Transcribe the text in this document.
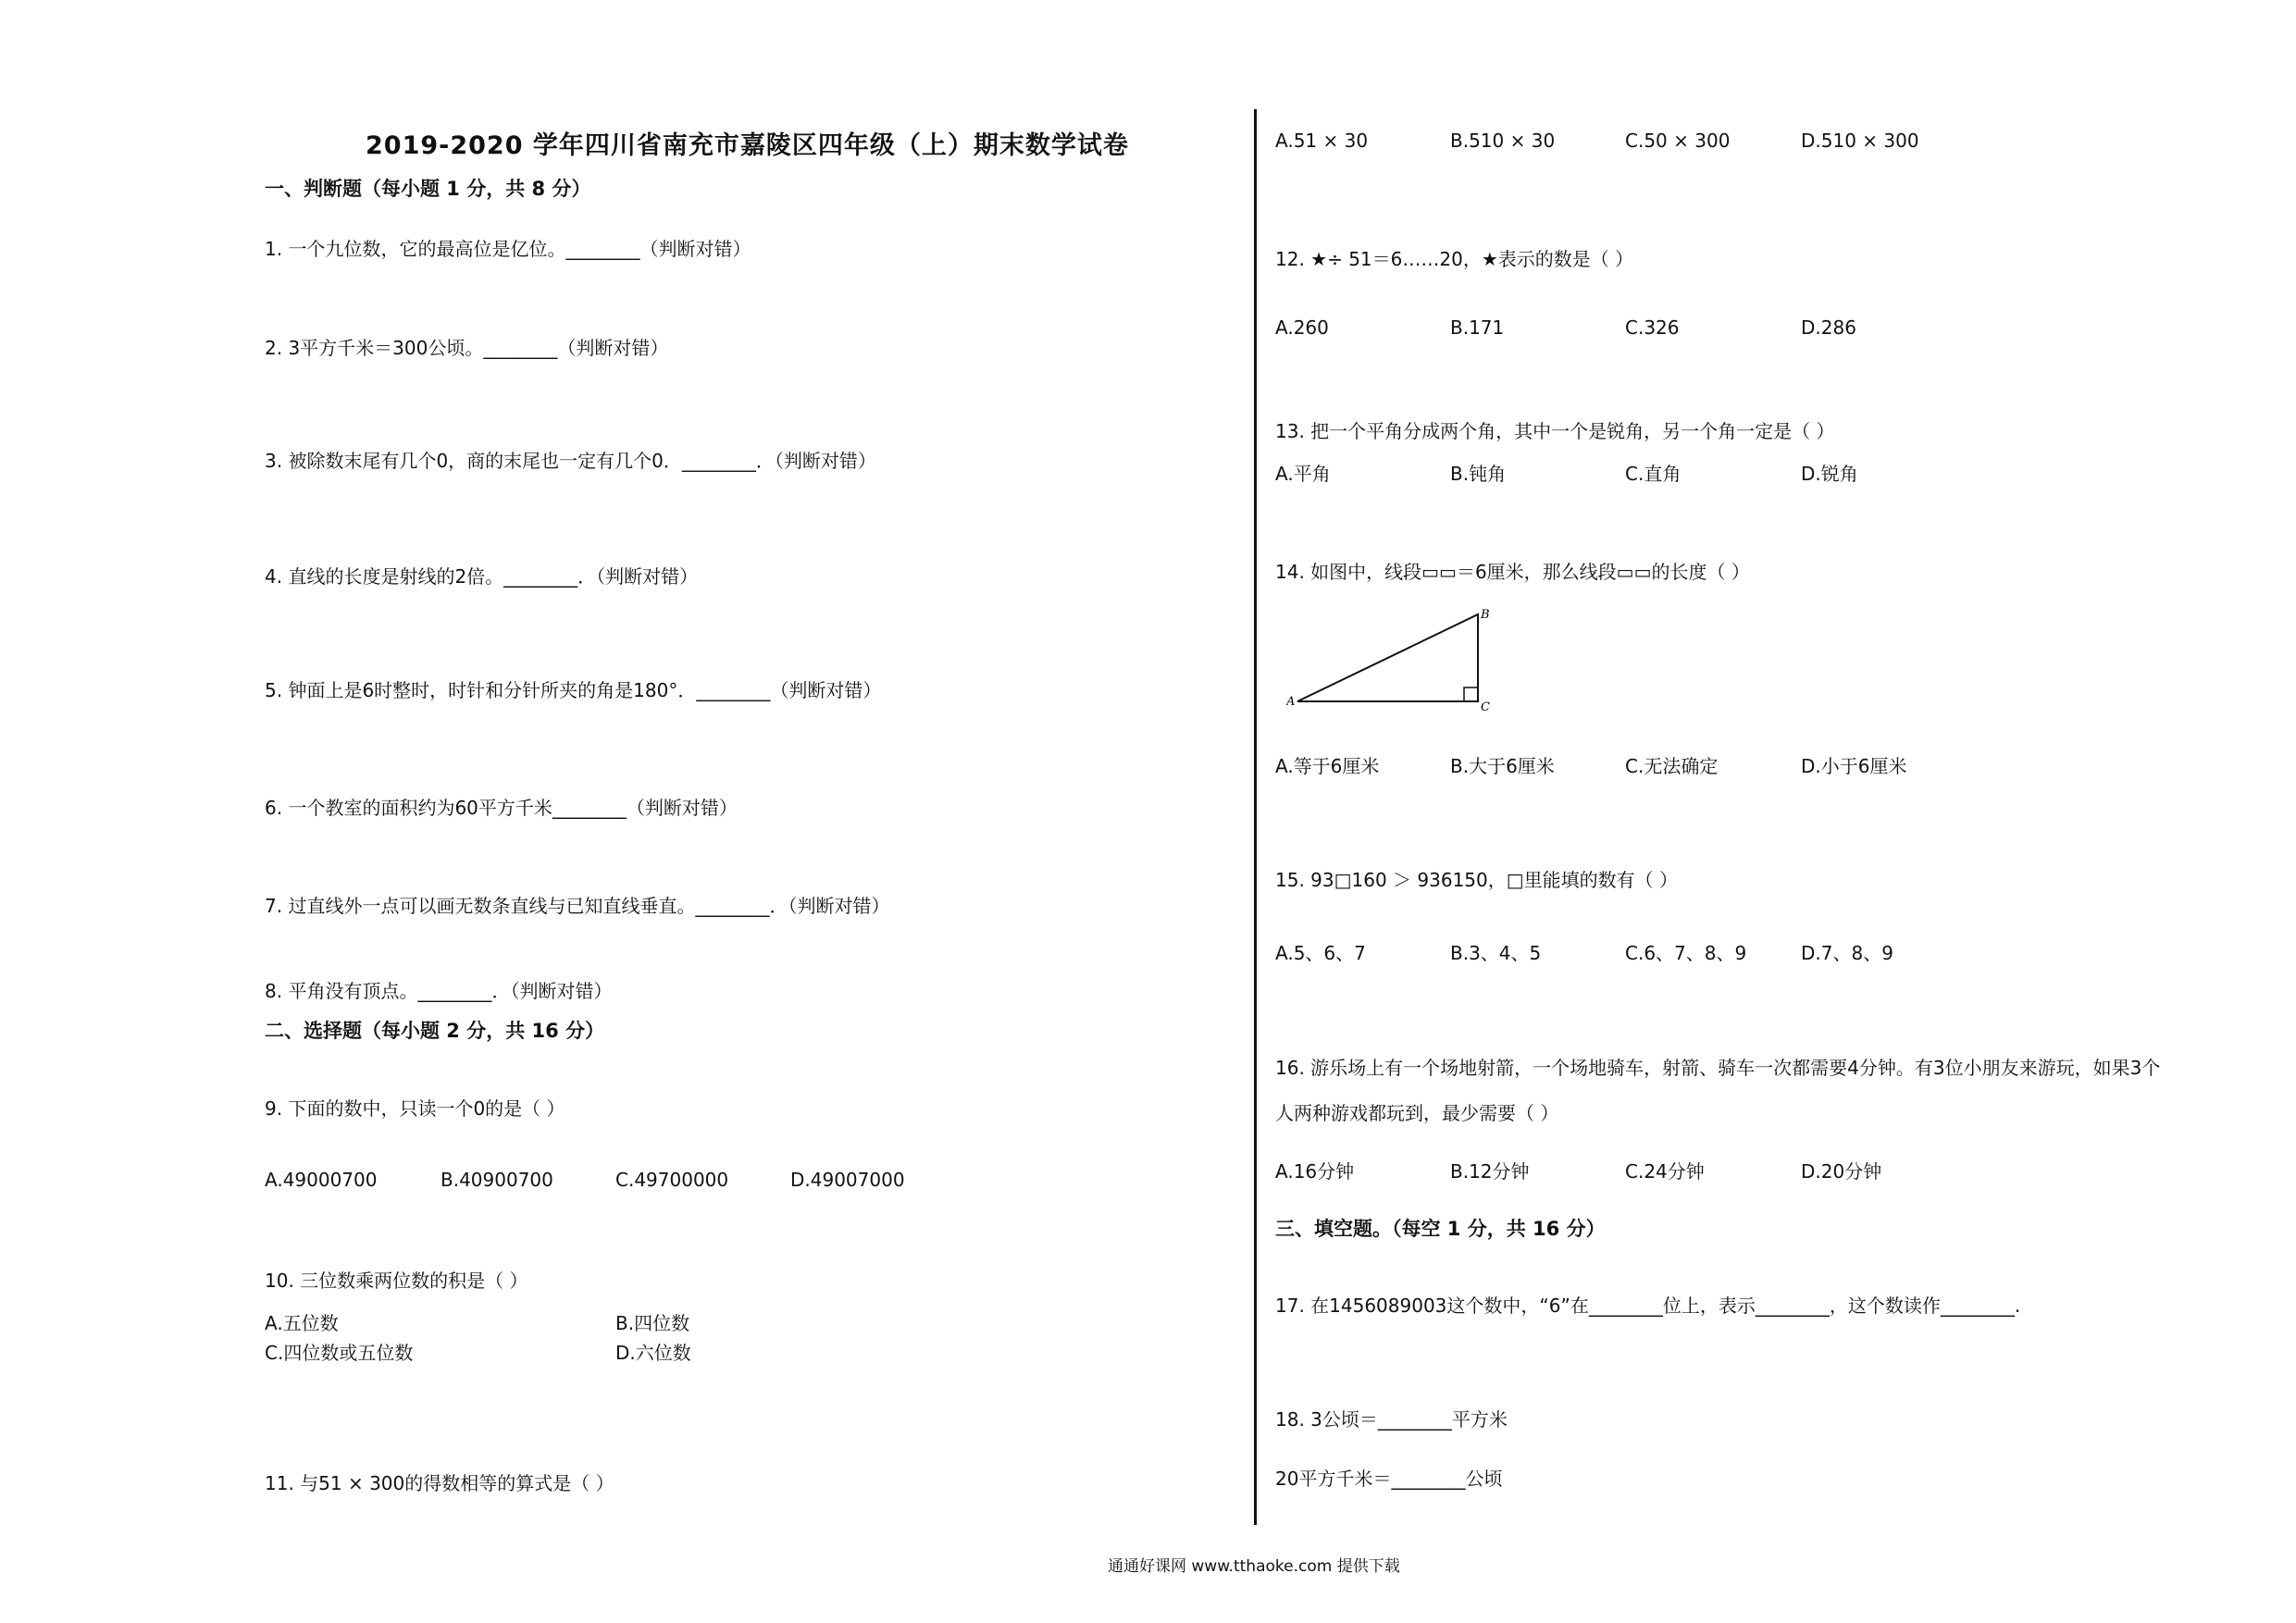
2019-2020 学年四川省南充市嘉陵区四年级（上）期末数学试卷
一、判断题（每小题 1 分，共 8 分）
1. 一个九位数，它的最高位是亿位。________（判断对错）
2. 3平方千米＝300公顷。________（判断对错）
3. 被除数末尾有几个0，商的末尾也一定有几个0．________．（判断对错）
4. 直线的长度是射线的2倍。________．（判断对错）
5. 钟面上是6时整时，时针和分针所夹的角是180°．________（判断对错）
6. 一个教室的面积约为60平方千米________（判断对错）
7. 过直线外一点可以画无数条直线与已知直线垂直。________．（判断对错）
8. 平角没有顶点。________．（判断对错）
二、选择题（每小题 2 分，共 16 分）
9. 下面的数中，只读一个0的是（ ）
A.49000700	B.40900700	C.49700000	D.49007000
10. 三位数乘两位数的积是（ ）
A.五位数	B.四位数
C.四位数或五位数	D.六位数
11. 与51 × 300的得数相等的算式是（ ）
A.51 × 30	B.510 × 30	C.50 × 300	D.510 × 300
12. ★÷ 51＝6……20，★表示的数是（ ）
A.260	B.171	C.326	D.286
13. 把一个平角分成两个角，其中一个是锐角，另一个角一定是（ ）
A.平角	B.钝角	C.直角	D.锐角
14. 如图中，线段▭▭＝6厘米，那么线段▭▭的长度（ ）
A
B
C
A.等于6厘米	B.大于6厘米	C.无法确定	D.小于6厘米
15. 93□160 ＞ 936150，□里能填的数有（ ）
A.5、6、7	B.3、4、5	C.6、7、8、9	D.7、8、9
16. 游乐场上有一个场地射箭，一个场地骑车，射箭、骑车一次都需要4分钟。有3位小朋友来游玩，如果3个
人两种游戏都玩到，最少需要（ ）
A.16分钟	B.12分钟	C.24分钟	D.20分钟
三、填空题。（每空 1 分，共 16 分）
17. 在1456089003这个数中，“6”在________位上，表示________，这个数读作________.
18. 3公顷＝________平方米
20平方千米＝________公顷
通通好课网 www.tthaoke.com 提供下载
